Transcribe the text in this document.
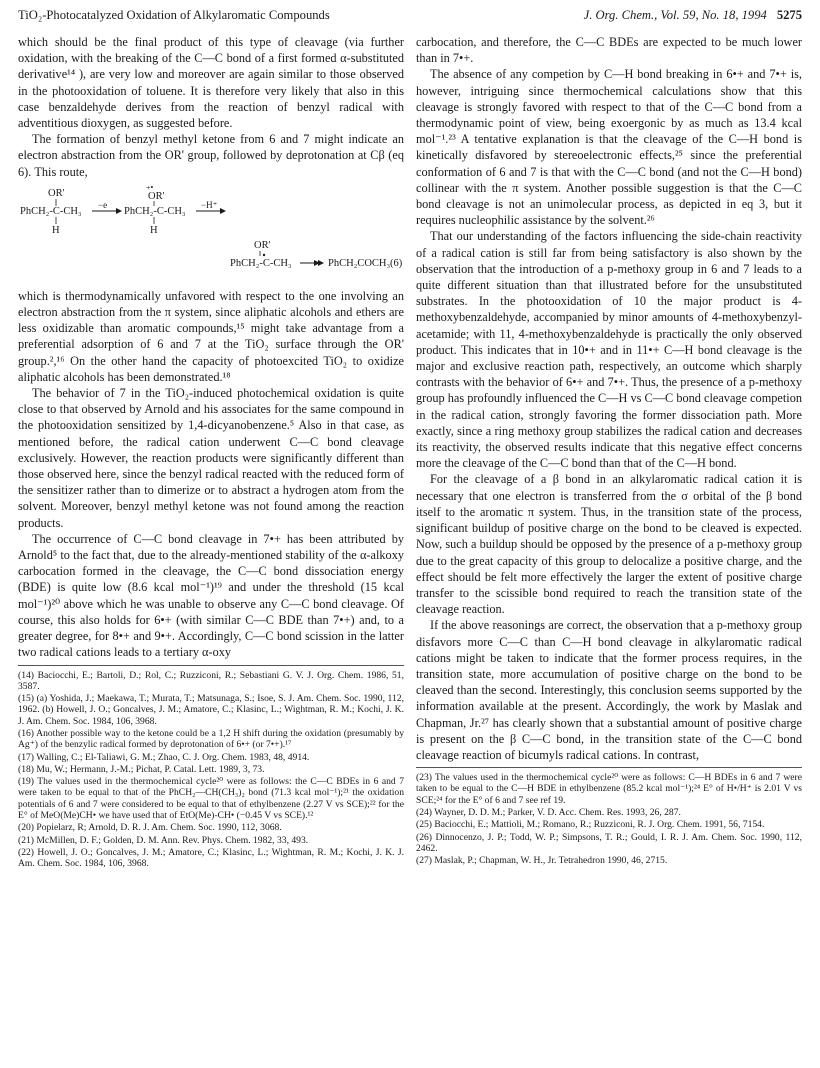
TiO₂-Photocatalyzed Oxidation of Alkylaromatic Compounds	J. Org. Chem., Vol. 59, No. 18, 1994 5275

which should be the final product of this type of cleavage (via further oxidation, with the breaking of the C—C bond of a first formed α-substituted derivative¹⁴ ), are very low and moreover are again similar to those observed in the photooxidation of toluene. It is therefore very likely that also in this case benzaldehyde derives from the reaction of benzyl radical with adventitious dioxygen, as suggested before.

The formation of benzyl methyl ketone from 6 and 7 might indicate an electron abstraction from the OR' group, followed by deprotonation at Cβ (eq 6). This route,

OR'
PhCH₂-C-CH₃
H
−e
+•
OR'
PhCH₂-C-CH₃
H
−H⁺
OR'
PhCH₂-C-CH₃	PhCH₂COCH₃ (6)

which is thermodynamically unfavored with respect to the one involving an electron abstraction from the π system, since aliphatic alcohols and ethers are less oxidizable than aromatic compounds,¹⁵ might take advantage from a preferential adsorption of 6 and 7 at the TiO₂ surface through the OR' group.²,¹⁶ On the other hand the capacity of photoexcited TiO₂ to oxidize aliphatic alcohols has been demonstrated.¹⁸

The behavior of 7 in the TiO₂-induced photochemical oxidation is quite close to that observed by Arnold and his associates for the same compound in the photooxidation sensitized by 1,4-dicyanobenzene.⁵ Also in that case, as mentioned before, the radical cation underwent C—C bond cleavage exclusively. However, the reaction products were significantly different than those observed here, since the benzyl radical reacted with the reduced form of the sensitizer rather than to dimerize or to abstract a hydrogen atom from the solvent. Moreover, benzyl methyl ketone was not found among the reaction products.

The occurrence of C—C bond cleavage in 7•+ has been attributed by Arnold⁵ to the fact that, due to the already-mentioned stability of the α-alkoxy carbocation formed in the cleavage, the C—C bond dissociation energy (BDE) is quite low (8.6 kcal mol⁻¹)¹⁹ and under the threshold (15 kcal mol⁻¹)²⁰ above which he was unable to observe any C—C bond cleavage. Of course, this also holds for 6•+ (with similar C—C BDE than 7•+) and, to a greater degree, for 8•+ and 9•+. Accordingly, C—C bond scission in the latter two radical cations leads to a tertiary α-oxy

(14) Baciocchi, E.; Bartoli, D.; Rol, C.; Ruzziconi, R.; Sebastiani G. V. J. Org. Chem. 1986, 51, 3587.

(15) (a) Yoshida, J.; Maekawa, T.; Murata, T.; Matsunaga, S.; Isoe, S. J. Am. Chem. Soc. 1990, 112, 1962. (b) Howell, J. O.; Goncalves, J. M.; Amatore, C.; Klasinc, L.; Wightman, R. M.; Kochi, J. K. J. Am. Chem. Soc. 1984, 106, 3968.

(16) Another possible way to the ketone could be a 1,2 H shift during the oxidation (presumably by Ag⁺) of the benzylic radical formed by deprotonation of 6•+ (or 7•+).¹⁷

(17) Walling, C.; El-Taliawi, G. M.; Zhao, C. J. Org. Chem. 1983, 48, 4914.

(18) Mu, W.; Hermann, J.-M.; Pichat, P. Catal. Lett. 1989, 3, 73.

(19) The values used in the thermochemical cycle²⁰ were as follows: the C—C BDEs in 6 and 7 were taken to be equal to that of the PhCH₂—CH(CH₃)₂ bond (71.3 kcal mol⁻¹);²¹ the oxidation potentials of 6 and 7 were considered to be equal to that of ethylbenzene (2.27 V vs SCE);²² for the E° of MeO(Me)CH• we have used that of EtO(Me)-CH• (−0.45 V vs SCE).¹²

(20) Popielarz, R; Arnold, D. R. J. Am. Chem. Soc. 1990, 112, 3068.

(21) McMillen, D. F.; Golden, D. M. Ann. Rev. Phys. Chem. 1982, 33, 493.

(22) Howell, J. O.; Goncalves, J. M.; Amatore, C.; Klasinc, L.; Wightman, R. M.; Kochi, J. K. J. Am. Chem. Soc. 1984, 106, 3968.

carbocation, and therefore, the C—C BDEs are expected to be much lower than in 7•+.

The absence of any competion by C—H bond breaking in 6•+ and 7•+ is, however, intriguing since thermochemical calculations show that this cleavage is strongly favored with respect to that of the C—C bond from a thermodynamic point of view, being exoergonic by as much as 13.4 kcal mol⁻¹.²³ A tentative explanation is that the cleavage of the C—H bond is kinetically disfavored by stereoelectronic effects,²⁵ since the preferential conformation of 6 and 7 is that with the C—C bond (and not the C—H bond) collinear with the π system. Another possible suggestion is that the C—C bond cleavage is not an unimolecular process, as depicted in eq 3, but it requires nucleophilic assistance by the solvent.²⁶

That our understanding of the factors influencing the side-chain reactivity of a radical cation is still far from being satisfactory is also shown by the observation that the introduction of a p-methoxy group in 6 and 7 leads to a quite different situation than that illustrated before for the unsubstituted substrates. In the photooxidation of 10 the major product is 4-methoxybenzaldehyde, accompanied by minor amounts of 4-methoxybenzyl-acetamide; with 11, 4-methoxybenzaldehyde is practically the only observed product. This indicates that in 10•+ and in 11•+ C—H bond cleavage is the major and exclusive reaction path, respectively, an outcome which sharply contrasts with the behavior of 6•+ and 7•+. Thus, the presence of a p-methoxy group has profoundly influenced the C—H vs C—C bond cleavage competion in the radical cation, strongly favoring the former dissociation path. More exactly, since a ring methoxy group stabilizes the radical cation and decreases its reactivity, the observed results indicate that this negative effect concerns more the cleavage of the C—C bond than that of the C—H bond.

For the cleavage of a β bond in an alkylaromatic radical cation it is necessary that one electron is transferred from the σ orbital of the β bond itself to the aromatic π system. Thus, in the transition state of the process, significant buildup of positive charge on the bond to be cleaved is expected. Now, such a buildup should be opposed by the presence of a p-methoxy group due to the great capacity of this group to delocalize a positive charge, and the effect should be felt more effectively the larger the extent of positive charge transfer to the scissible bond required to reach the transition state of the cleavage reaction.

If the above reasonings are correct, the observation that a p-methoxy group disfavors more C—C than C—H bond cleavage in alkylaromatic radical cations might be taken to indicate that the former process requires, in the transition state, more accumulation of positive charge on the bond to be cleaved than the second. Interestingly, this conclusion seems supported by the information available at the present. Accordingly, the work by Maslak and Chapman, Jr.²⁷ has clearly shown that a substantial amount of positive charge is present on the β C—C bond, in the transition state of the C—C bond cleavage reaction of bicumyls radical cations. In contrast,

(23) The values used in the thermochemical cycle²⁰ were as follows: C—H BDEs in 6 and 7 were taken to be equal to the C—H BDE in ethylbenzene (85.2 kcal mol⁻¹);²⁴ E° of H•/H⁺ is 2.01 V vs SCE;²⁴ for the E° of 6 and 7 see ref 19.

(24) Wayner, D. D. M.; Parker, V. D. Acc. Chem. Res. 1993, 26, 287.

(25) Baciocchi, E.; Mattioli, M.; Romano, R.; Ruzziconi, R. J. Org. Chem. 1991, 56, 7154.

(26) Dinnocenzo, J. P.; Todd, W. P.; Simpsons, T. R.; Gould, I. R. J. Am. Chem. Soc. 1990, 112, 2462.

(27) Maslak, P.; Chapman, W. H., Jr. Tetrahedron 1990, 46, 2715.
